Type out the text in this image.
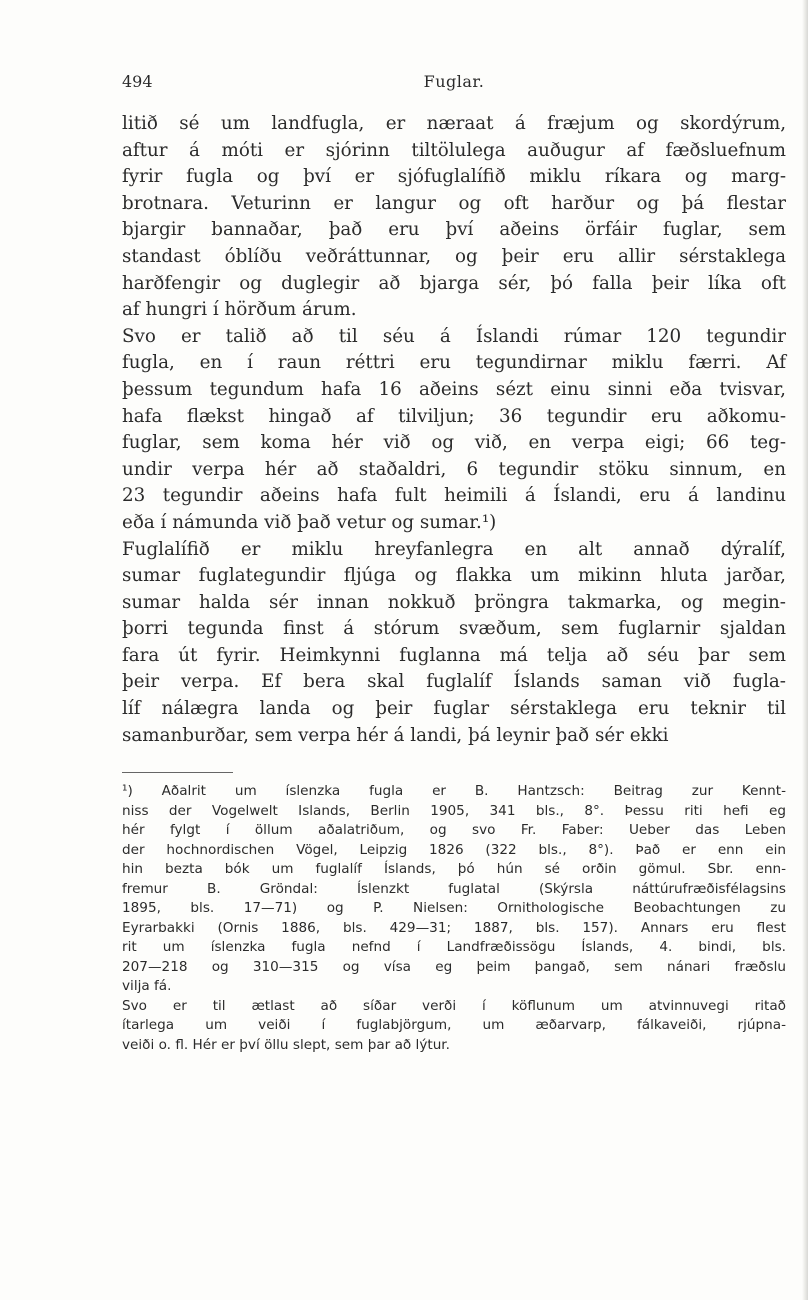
494	Fuglar.
litið sé um landfugla, er næraat á fræjum og skordýrum,
aftur á móti er sjórinn tiltölulega auðugur af fæðsluefnum
fyrir fugla og því er sjófuglalífið miklu ríkara og marg-
brotnara. Veturinn er langur og oft harður og þá flestar
bjargir bannaðar, það eru því aðeins örfáir fuglar, sem
standast óblíðu veðráttunnar, og þeir eru allir sérstaklega
harðfengir og duglegir að bjarga sér, þó falla þeir líka oft
af hungri í hörðum árum.
Svo er talið að til séu á Íslandi rúmar 120 tegundir
fugla, en í raun réttri eru tegundirnar miklu færri. Af
þessum tegundum hafa 16 aðeins sézt einu sinni eða tvisvar,
hafa flækst hingað af tilviljun; 36 tegundir eru aðkomu-
fuglar, sem koma hér við og við, en verpa eigi; 66 teg-
undir verpa hér að staðaldri, 6 tegundir stöku sinnum, en
23 tegundir aðeins hafa fult heimili á Íslandi, eru á landinu
eða í námunda við það vetur og sumar.¹)
Fuglalífið er miklu hreyfanlegra en alt annað dýralíf,
sumar fuglategundir fljúga og flakka um mikinn hluta jarðar,
sumar halda sér innan nokkuð þröngra takmarka, og megin-
þorri tegunda finst á stórum svæðum, sem fuglarnir sjaldan
fara út fyrir. Heimkynni fuglanna má telja að séu þar sem
þeir verpa. Ef bera skal fuglalíf Íslands saman við fugla-
líf nálægra landa og þeir fuglar sérstaklega eru teknir til
samanburðar, sem verpa hér á landi, þá leynir það sér ekki
¹) Aðalrit um íslenzka fugla er B. Hantzsch: Beitrag zur Kennt-
niss der Vogelwelt Islands, Berlin 1905, 341 bls., 8°. Þessu riti hefi eg
hér fylgt í öllum aðalatriðum, og svo Fr. Faber: Ueber das Leben
der hochnordischen Vögel, Leipzig 1826 (322 bls., 8°). Það er enn ein
hin bezta bók um fuglalíf Íslands, þó hún sé orðin gömul. Sbr. enn-
fremur B. Gröndal: Íslenzkt fuglatal (Skýrsla náttúrufræðisfélagsins
1895, bls. 17—71) og P. Nielsen: Ornithologische Beobachtungen zu
Eyrarbakki (Ornis 1886, bls. 429—31; 1887, bls. 157). Annars eru flest
rit um íslenzka fugla nefnd í Landfræðissögu Íslands, 4. bindi, bls.
207—218 og 310—315 og vísa eg þeim þangað, sem nánari fræðslu
vilja fá.
Svo er til ætlast að síðar verði í köflunum um atvinnuvegi ritað
ítarlega um veiði í fuglabjörgum, um æðarvarp, fálkaveiði, rjúpna-
veiði o. fl. Hér er því öllu slept, sem þar að lýtur.
